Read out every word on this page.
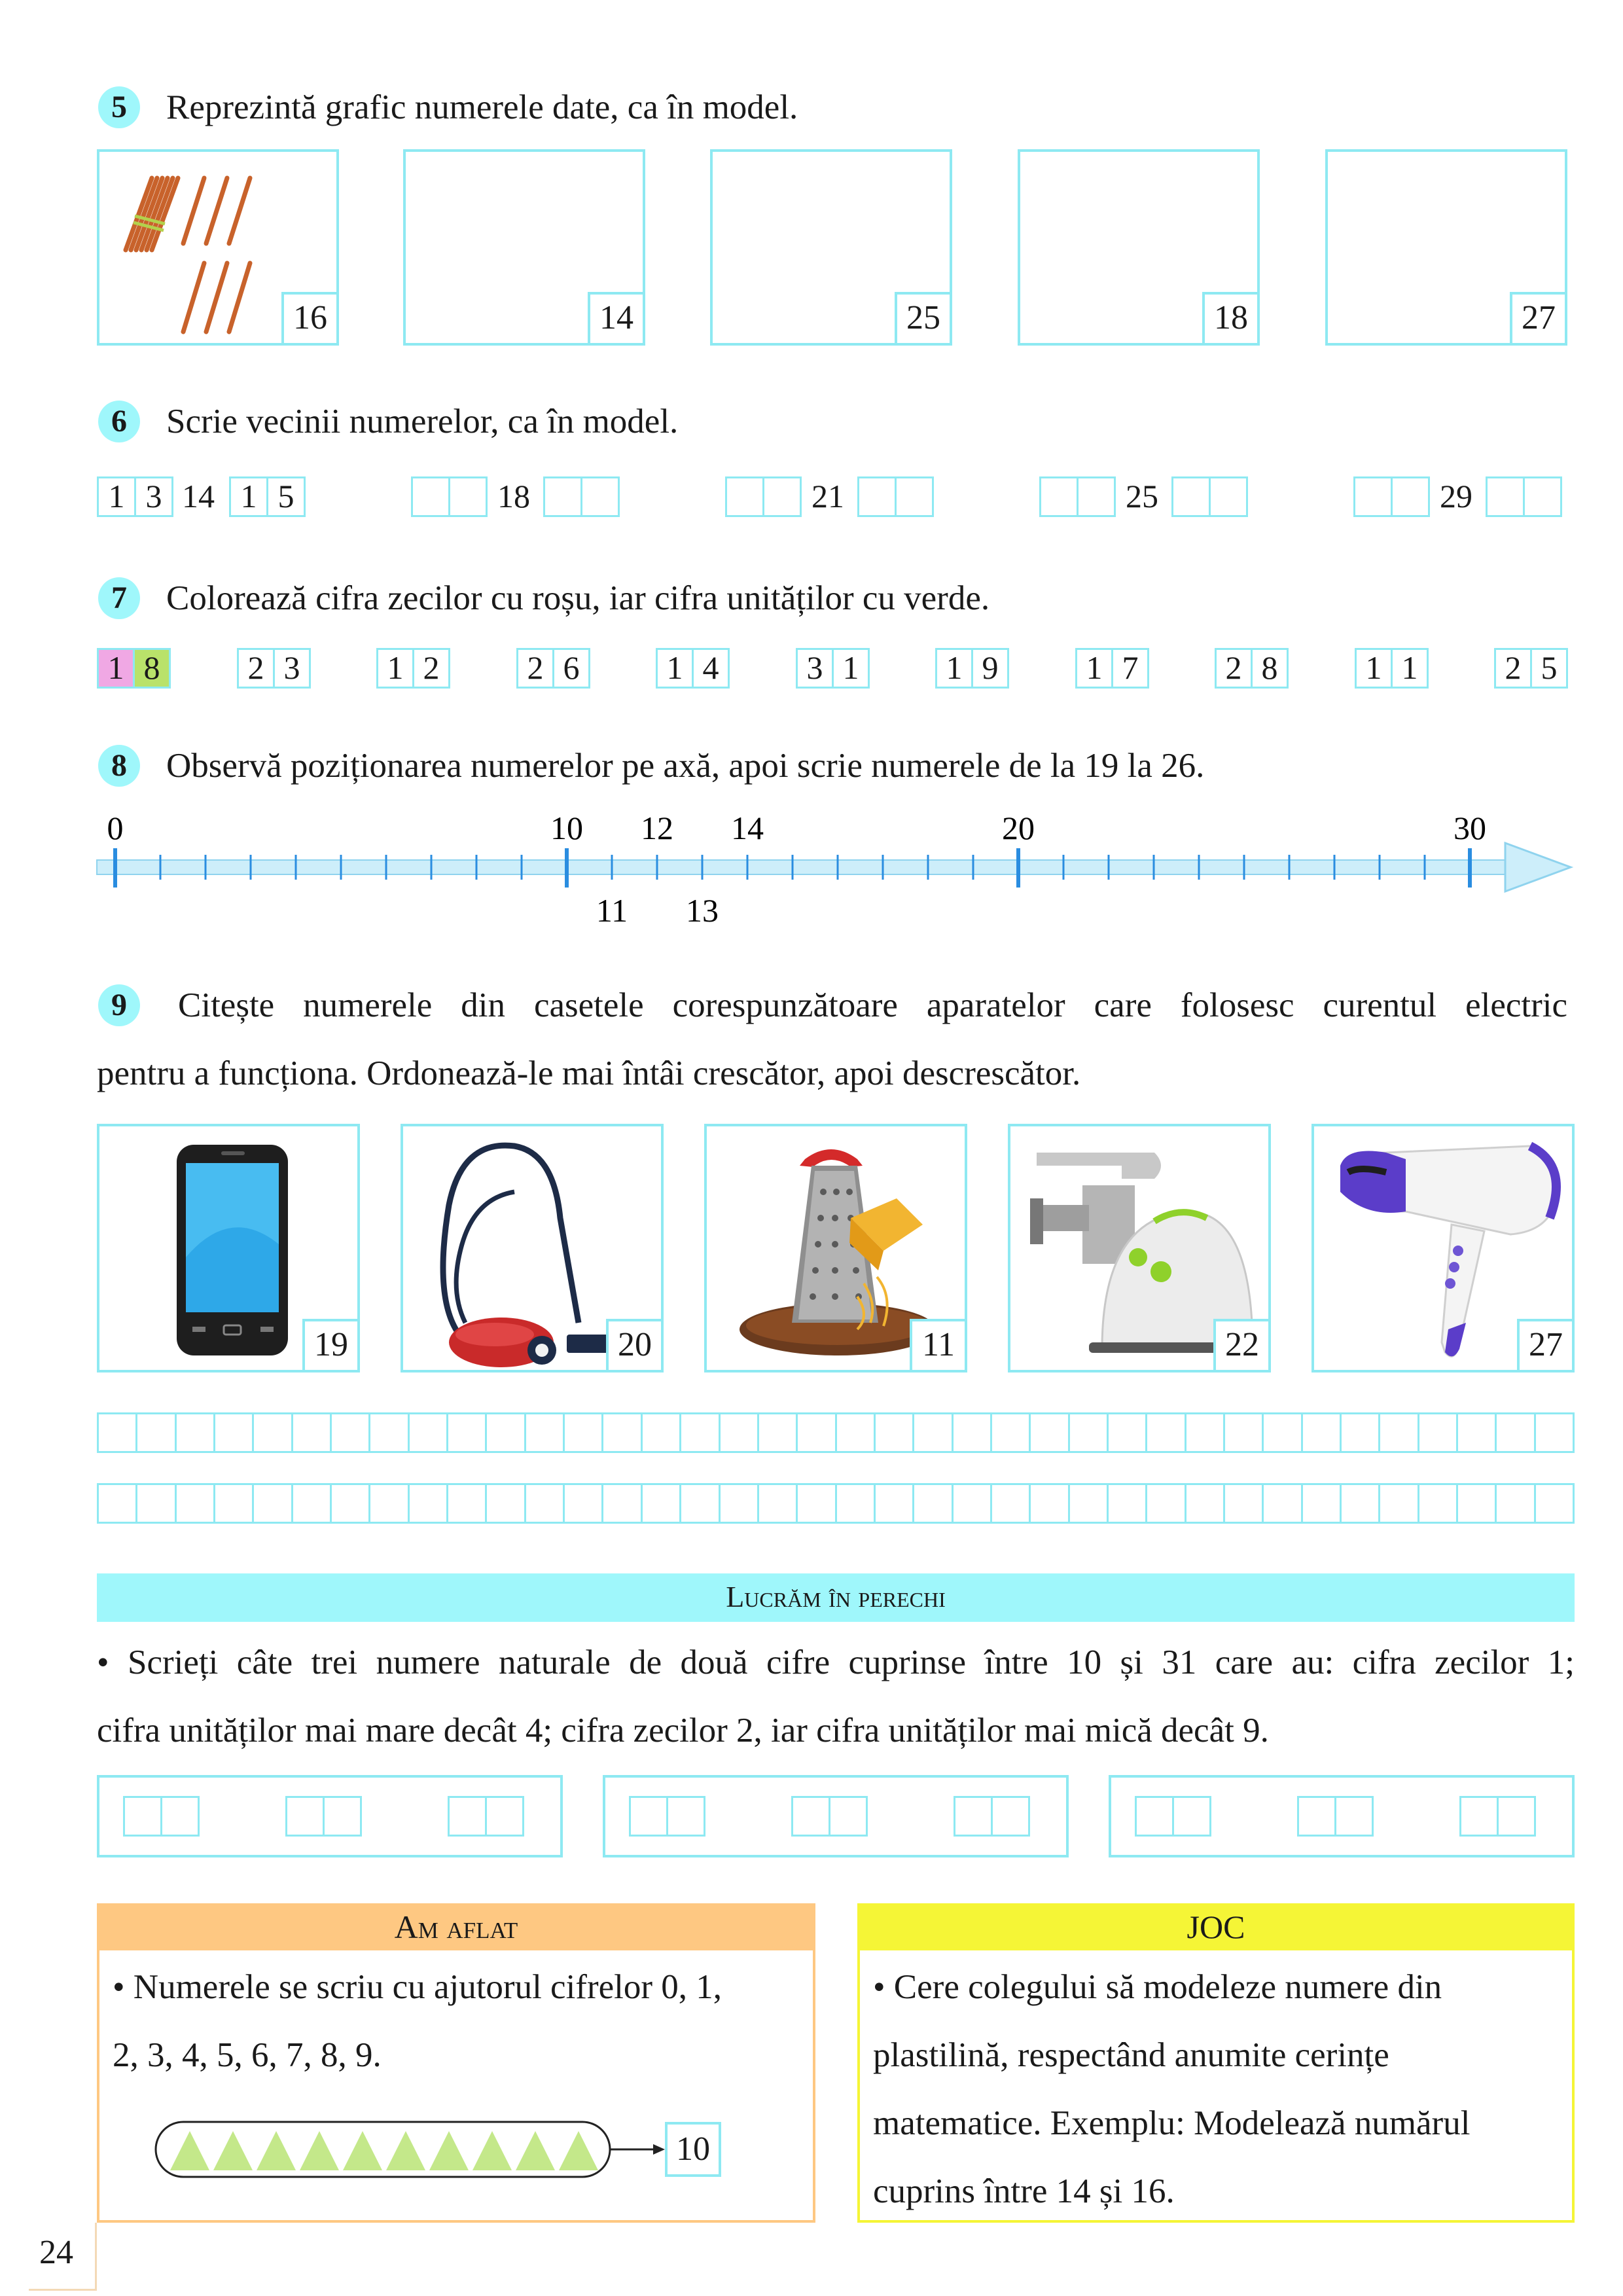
5	Reprezintă grafic numerele date, ca în model.
16	14	25	18	27
6	Scrie vecinii numerelor, ca în model.
1 3 14 1 5	18	21	25	29
7	Colorează cifra zecilor cu roșu, iar cifra unităților cu verde.
1 8	2 3	1 2	2 6	1 4	3 1	1 9	1 7	2 8	1 1	2 5
8	Observă poziționarea numerelor pe axă, apoi scrie numerele de la 19 la 26.
0	10 12 14	20	30
11 13
9	Citește numerele din casetele corespunzătoare aparatelor care folosesc curentul electric
pentru a funcționa. Ordonează-le mai întâi crescător, apoi descrescător.
19	20	11	22	27
Lucrăm în perechi
• Scrieți câte trei numere naturale de două cifre cuprinse între 10 și 31 care au: cifra zecilor 1;
cifra unităților mai mare decât 4; cifra zecilor 2, iar cifra unităților mai mică decât 9.
Am aflat
• Numerele se scriu cu ajutorul cifrelor 0, 1,
2, 3, 4, 5, 6, 7, 8, 9.
10
JOC
• Cere colegului să modeleze numere din
plastilină, respectând anumite cerințe
matematice. Exemplu: Modelează numărul
cuprins între 14 și 16.
24
